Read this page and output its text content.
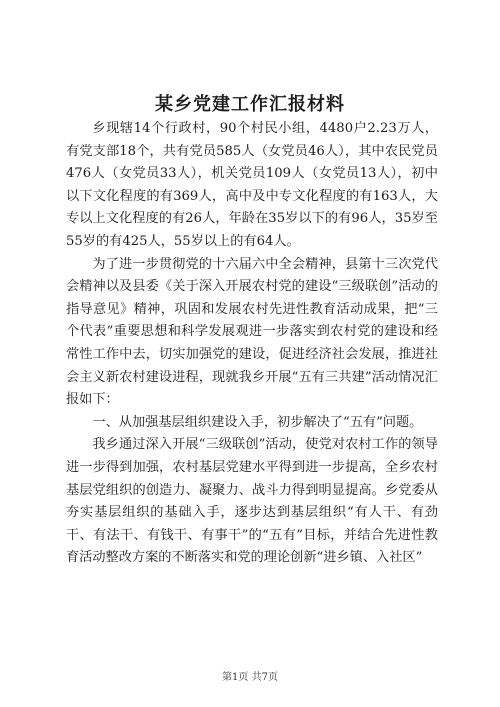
某乡党建工作汇报材料

乡现辖14个行政村，90个村民小组，4480户2.23万人，有党支部18个，共有党员585人（女党员46人），其中农民党员476人（女党员33人），机关党员109人（女党员13人），初中以下文化程度的有369人，高中及中专文化程度的有163人，大专以上文化程度的有26人，年龄在35岁以下的有96人，35岁至55岁的有425人，55岁以上的有64人。

为了进一步贯彻党的十六届六中全会精神，县第十三次党代会精神以及县委《关于深入开展农村党的建设“三级联创”活动的指导意见》精神，巩固和发展农村先进性教育活动成果，把“三个代表”重要思想和科学发展观进一步落实到农村党的建设和经常性工作中去，切实加强党的建设，促进经济社会发展，推进社会主义新农村建设进程，现就我乡开展“五有三共建”活动情况汇报如下：

一、从加强基层组织建设入手，初步解决了“五有”问题。

我乡通过深入开展“三级联创”活动，使党对农村工作的领导进一步得到加强，农村基层党建水平得到进一步提高，全乡农村基层党组织的创造力、凝聚力、战斗力得到明显提高。乡党委从夯实基层组织的基础入手，逐步达到基层组织“有人干、有劲干、有法干、有钱干、有事干”的“五有”目标，并结合先进性教育活动整改方案的不断落实和党的理论创新“进乡镇、入社区”

第1页 共7页
